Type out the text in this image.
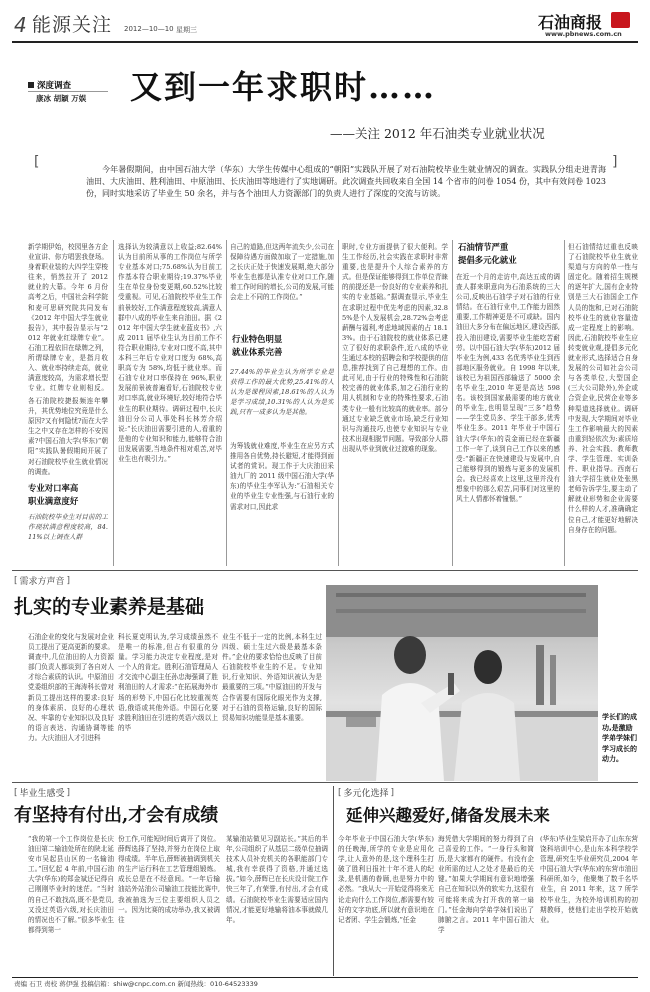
4 能源关注 2012—10—10 星期三	石油商报
www.pbnews.com.cn
深度调查
康冰 胡颖 万娱 又到一年求职时……
——关注 2012 年石油类专业就业状况
[	]
今年暑假期间，由中国石油大学（华东）大学生传媒中心组成的“朝阳”实践队开展了对石油院校毕业生就业情况的调查。实践队分组走进青海油田、大庆油田、胜利油田、中原油田、长庆油田等地进行了实地调研。此次调查共回收来自全国 14 个省市的问卷 1054 份，其中有效问卷 1023 份，同时实地采访了毕业生 50 余名，并与各个油田人力资源部门的负责人进行了深度的交流与访谈。
新学期伊始，校园里各方企业宣讲、你方唱罢我登场。身着职业装的大四学生穿梭往来，悄然拉开了 2012 就业的大幕。今年 6 月份高考之后，中国社会科学院和麦可思研究院共同发布《2012 年中国大学生就业报告》，其中报告显示与“2012 年就业红绿牌专业”。石油工程依旧在绿牌之列，所谓绿牌专业，是指月收入、就业率持续走高，就业满意度较高，为需求增长型专业。红牌专业则相反。
各石油院校捷报频连年攀升，其优势地位究竟是什么原因?又有何隐忧?而在大学生之中又存在怎样的不安因素?中国石油大学(华东)“朝阳”实践队暑假期间开展了对石油院校毕业生就业情况的调查。
专业对口率高
职业满意度好
石油院校毕业生对目前的工作现状满意程度较高，84.11%以上调查人群
选择认为较满意以上收益;82.64%认为目前所从事的工作岗位与所学专业基本对口;75.68%认为目前工作基本符合职业期待;19.37%毕业生在单位身份变更期,60.52%比较受重视。可见,石油院校毕业生工作前景较好,工作满意程度较高,满意人群中八成的毕业生来自油田。据《2012 年中国大学生就业蓝皮书》,六成 2011 届毕业生认为目前工作不符合职业期待,专业对口度不高,其中本科三年后专业对口度为 68%,高职高专为 58%,均低于就业率。而石油专业对口率保持在 96%,职业发展前景被普遍看好,石油院校专业对口率高,就业环境好,较好地符合毕业生的职业期待。调研过程中,长庆油田分公司人事处科长林芳介绍说:“长庆油田需要引进的人,看重的是他的专业知识和能力,能够符合油田发展需要,当地条件相对艰苦,对毕业生也有吸引力。”
自己的道路,但这两年流失少,公司在保障待遇方面做加取了一定措施,加之长庆正处于快速发展期,绝大部分毕业生也都是认准专业对口工作,随着工作时间的增长,公司的发展,可能会走上不同的工作岗位。”
行业特色明显
就业体系完善
27.44%的毕业生认为所学专业是获得工作的最大优势,25.41%的人认为是课程因素,18.61%的人认为是学习成绩,10.31%的人认为是实践,只有一成多认为是其他。
为筹钱就业难度,毕业生在应另方式推用各自优势,持长避短,才能得到面试者的赏识。现工作于大庆油田采油九厂的 2011 级中国石油大学(华东)的毕业生李军认为:“石油相关专业的毕业生专业性强,与石油行业的需求对口,因此求
职时,专业方面提供了很大便利。学生工作经历,社会实践在求职时非常重要,也是提升个人综合素养的方式。但是保证能够得到工作单位青睐的前提还是一份良好的专业素养和扎实的专业基础。”据调查显示,毕业生在求职过程中优先考虑的因素,32.85%是个人发展机会,28.72%会考虑薪酬与福利,考虑地域因素的占 18.13%。由于石油院校的就业体系已建立了很好的求职条件,近八成的毕业生通过本校的招聘会和学校提供的信息,推荐找到了自己理想的工作。由此可见,由于行业的特殊性和石油院校完善的就业体系,加之石油行业的用人机制和专业的特殊性要求,石油类专业一般有比较高的就业率。部分通过专业缺乏就业市场,缺乏行业知识与沟通技巧,也使专业知识与专业技术出现相脱节问题。导致部分人群出现从毕业到就业过渡难的现象。
石油情节严重
提倡多元化就业
在近一个月的走访中,高达五成的调查人群来职意向为石油系统的三大公司,反映出石油学子对石油的行业情结。在石油行业中,工作能力固然重要,工作精神更是不可或缺。国内油田大多分布在偏远地区,建设西部,投入油田建设,需要毕业生能吃苦耐劳。以中国石油大学(华东)2012 届毕业生为例,433 名优秀毕业生到西部地区服务就业。自 1998 年以来,该校已为祖国西部输送了 5000 余名毕业生,2010 年更是高达 598 名。该校到国家最需要的地方就业的毕业生,也明显呈现“三多”趋势——学生党员多、学生干部多,优秀毕业生多。2011 年毕业于中国石油大学(华东)的袁金雨已经在新疆工作一年了,谈到自己工作以来的感受:“新疆正在快速建设与发展中,自己能够得到的锻炼与更多的发展机会。我已经喜欢上这里,这里并没有想象中的那么艰苦,同事们对这里的风土人情都怀着憧憬。”
但石油情结过重也反映了石油院校毕业生就业渠道与方向的单一性与固定化。随着招生规模的逐年扩大,国有企业特别是三大石油国企工作人员的饱和,已对石油院校毕业生的就业容量造成一定程度上的影响。因此,石油院校毕业生应转变就业观,提倡多元化就业形式,选择适合自身发展的公司如社会公司与各类单位,大型国企(三大公司除外),外企或合资企业,民营企业等多种渠道选择就业。调研中发现,大学期间对毕业生工作影响最大的因素由重到轻依次为:素质培养、社会实践、教师教学、学生管理、实训条件、职业指导。西南石油大学招生就业处张黑老师告诉学生,要主动了解就业形势和企业需要什么样的人才,准确确定位自己,才能更好地解决自身存在的问题。
[ 需求方声音 ]
扎实的专业素养是基础
石油企业的变化与发展对企业员工提出了更高更新的要求。调查中,几位油田的人力资源部门负责人都谈到了各自对人才综合素质的认识。中原油田党委组织部的王海涛科长曾对新员工提出这样的要求:良好的身体素质、良好的心理状况、牢靠的专业知识以及良好的语言表达、沟通协调等能力。大庆油田人才引进科
科长夏克明认为,学习成绩虽然不是唯一的标准,但占有很重的分量。学习能力决定专业程度,是对一个人的肯定。胜利石油管理局人才交流中心副主任孙忠海强调了胜利油田的人才需求:“在拓展海外市场的形势下,中国石化比较重视英语,俄语或其他外语。中国石化要求胜利油田在引进的英语六级以上的毕
业生不低于一定的比例,本科生过四级、硕士生过六级是最基本条件。”企业的要求恰恰也反映了目前石油院校毕业生的不足。专业知识,行业知识、外语知识被认为是最重要的三项。”中原油田的开发与合作需要有国际化眼光作为支撑,对于石油的资格运输,良好的国际贸易知识功能显是基本重要。	学长们的成功,是激励学弟学妹们学习成长的动力。
[ 毕业生感受 ]
有坚持有付出,才会有成绩
“我的第一个工作岗位是长庆油田第二输油处所在的陕北延安市吴起县山区的一名输油工。”回忆起 4 年前,中国石油大学(华东)的郑金斌还记得自己刚刚毕业时的迷茫。“当时的自己不敢找高,既不是党员,又没过英语六级,对长庆油田的情况也不了解。”很多毕业生都得到第一
份工作,可能短时间后离开了岗位。薛辉选择了坚持,并努力在岗位上取得成绩。半年后,薛辉被抽调到机关的生产运行科在工艺管理组锻炼。成长总是在不经意间。“一年后输油站外站油公司输油工技能比赛中,我被抽选为三位主要组织人员之一。因为比赛的成功举办,我又被调往
某输油站做见习副站长。”其后的半年,公司组织了从基层二级单位抽调技术人员补充机关的各职能部门专城,我有幸获得了资格,并通过选拔。”如今,薛辉已在长庆设计院工作快三年了,有荣誉,有付出,才会有成绩。石油院校毕业生需要适应国内情况,才能更好地输将油本事就做几年。
[ 多元化选择 ]
延伸兴趣爱好,储备发展未来
今年毕业于中国石油大学(华东)的任晚海,所学的专业是应用化学,让人意外的是,这个理科生打破了胜利日报社十年不进人的纪录,是机遇的眷顾,也是努力中的必然。“我从大一开始觉得将来无论走向什么工作岗位,都需要有较好的文字功底,所以就有意识地在记者团、学生会锻炼,”任金
海凭借大学期间的努力得到了自己喜爱的工作。“一身行头和简历,是大家都有的硬件。有没有企业所需的过人之处才是最后的关键。”如果大学期间有意识地增强自己在知识以外的软实力,这很有可能将来成为打开我的第一扇门。”任金海向学弟学妹们说出了肺腑之言。2011 年中国石油大学
(华东)毕业生梁启开办了山东东营饶科培训中心,是山东本科学校学管理,研究生毕业研究员,2004 年中国石油大学(华东)的东营市油田科研所,如今，他聚集了数千名毕业生，自 2011 年来，这 7 所学校毕业生，为校外培训机构的初期教师，使他们走出学校开始就业。
责编 石卫 责校 蒋伊强 投稿信箱：shiw@cnpc.com.cn 新闻热线：010-64523339
